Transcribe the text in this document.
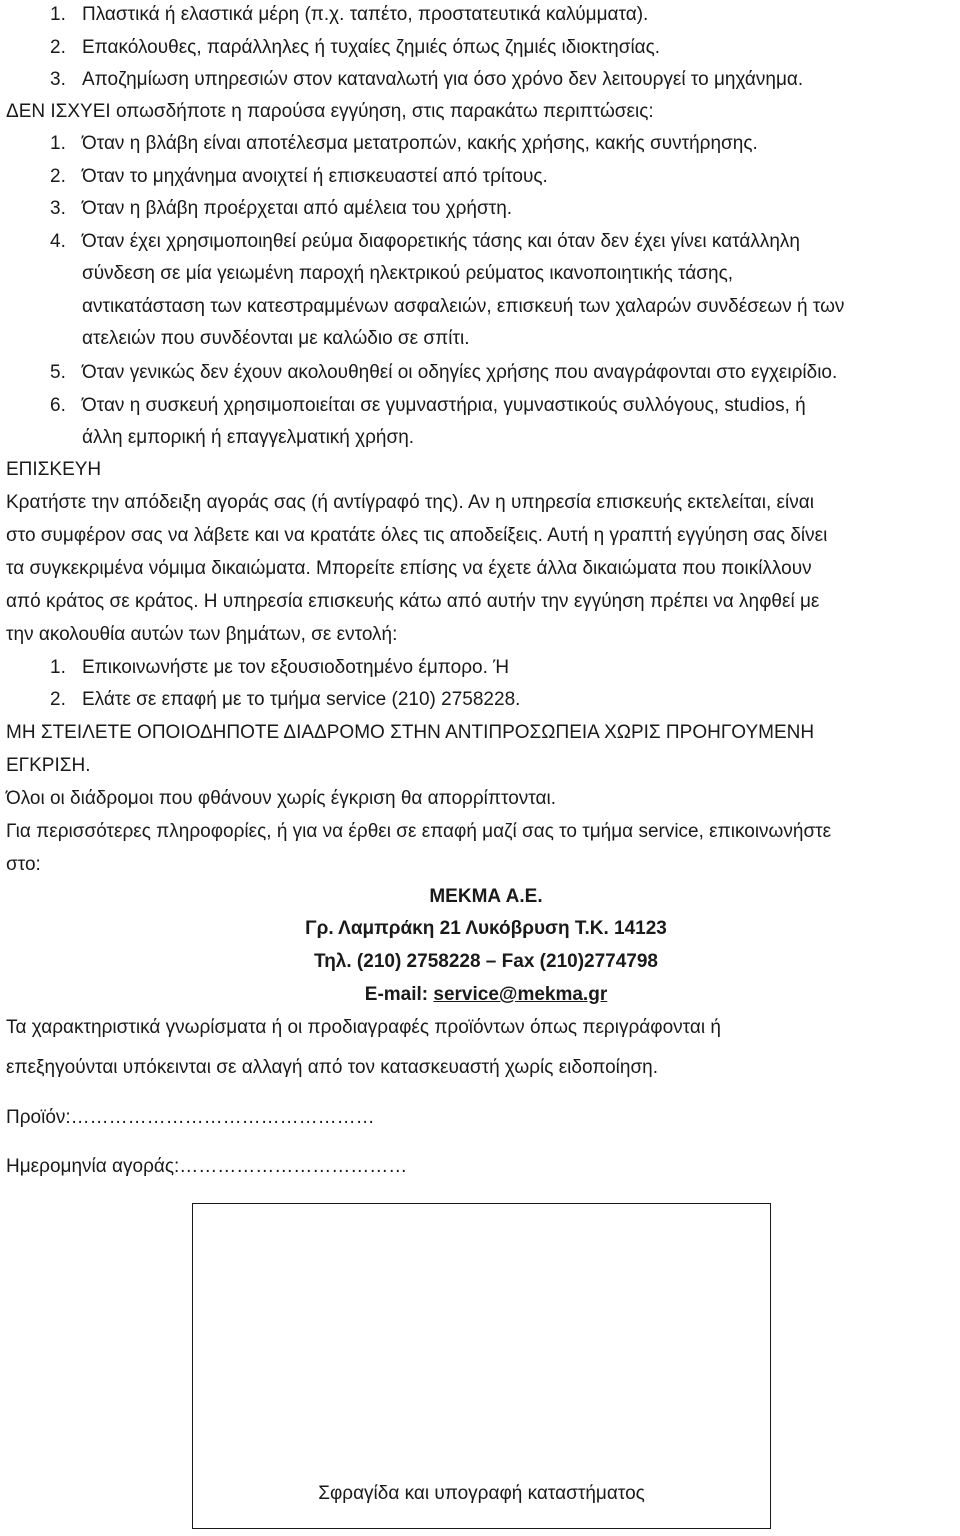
1. Πλαστικά ή ελαστικά μέρη (π.χ. ταπέτο, προστατευτικά καλύμματα).
2. Επακόλουθες, παράλληλες ή τυχαίες ζημιές όπως ζημιές ιδιοκτησίας.
3. Αποζημίωση υπηρεσιών στον καταναλωτή για όσο χρόνο δεν λειτουργεί το μηχάνημα.
ΔΕΝ ΙΣΧΥΕΙ οπωσδήποτε η παρούσα εγγύηση, στις παρακάτω περιπτώσεις:
1. Όταν η βλάβη είναι αποτέλεσμα μετατροπών, κακής χρήσης, κακής συντήρησης.
2. Όταν το μηχάνημα ανοιχτεί ή επισκευαστεί από τρίτους.
3. Όταν η βλάβη προέρχεται από αμέλεια του χρήστη.
4. Όταν έχει χρησιμοποιηθεί ρεύμα διαφορετικής τάσης και όταν δεν έχει γίνει κατάλληλη
σύνδεση σε μία γειωμένη παροχή ηλεκτρικού ρεύματος ικανοποιητικής τάσης,
αντικατάσταση των κατεστραμμένων ασφαλειών, επισκευή των χαλαρών συνδέσεων ή των
ατελειών που συνδέονται με καλώδιο σε σπίτι.
5. Όταν γενικώς δεν έχουν ακολουθηθεί οι οδηγίες χρήσης που αναγράφονται στο εγχειρίδιο.
6. Όταν η συσκευή χρησιμοποιείται σε γυμναστήρια, γυμναστικούς συλλόγους, studios, ή
άλλη εμπορική ή επαγγελματική χρήση.
ΕΠΙΣΚΕΥΗ
Κρατήστε την απόδειξη αγοράς σας (ή αντίγραφό της). Αν η υπηρεσία επισκευής εκτελείται, είναι
στο συμφέρον σας να λάβετε και να κρατάτε όλες τις αποδείξεις. Αυτή η γραπτή εγγύηση σας δίνει
τα συγκεκριμένα νόμιμα δικαιώματα. Μπορείτε επίσης να έχετε άλλα δικαιώματα που ποικίλλουν
από κράτος σε κράτος. Η υπηρεσία επισκευής κάτω από αυτήν την εγγύηση πρέπει να ληφθεί με
την ακολουθία αυτών των βημάτων, σε εντολή:
1. Επικοινωνήστε με τον εξουσιοδοτημένο έμπορο. Ή
2. Ελάτε σε επαφή με το τμήμα service (210) 2758228.
ΜΗ ΣΤΕΙΛΕΤΕ ΟΠΟΙΟΔΗΠΟΤΕ ΔΙΑΔΡΟΜΟ ΣΤΗΝ ΑΝΤΙΠΡΟΣΩΠΕΙΑ ΧΩΡΙΣ ΠΡΟΗΓΟΥΜΕΝΗ
ΕΓΚΡΙΣΗ.
Όλοι οι διάδρομοι που φθάνουν χωρίς έγκριση θα απορρίπτονται.
Για περισσότερες πληροφορίες, ή για να έρθει σε επαφή μαζί σας το τμήμα service, επικοινωνήστε
στο:
ΜΕΚΜΑ Α.Ε.
Γρ. Λαμπράκη 21 Λυκόβρυση Τ.Κ. 14123
Τηλ. (210) 2758228 – Fax (210)2774798
E-mail: service@mekma.gr
Τα χαρακτηριστικά γνωρίσματα ή οι προδιαγραφές προϊόντων όπως περιγράφονται ή
επεξηγούνται υπόκεινται σε αλλαγή από τον κατασκευαστή χωρίς ειδοποίηση.
Προϊόν:…………………………………………
Ημερομηνία αγοράς:………………………………
Σφραγίδα και υπογραφή καταστήματος
